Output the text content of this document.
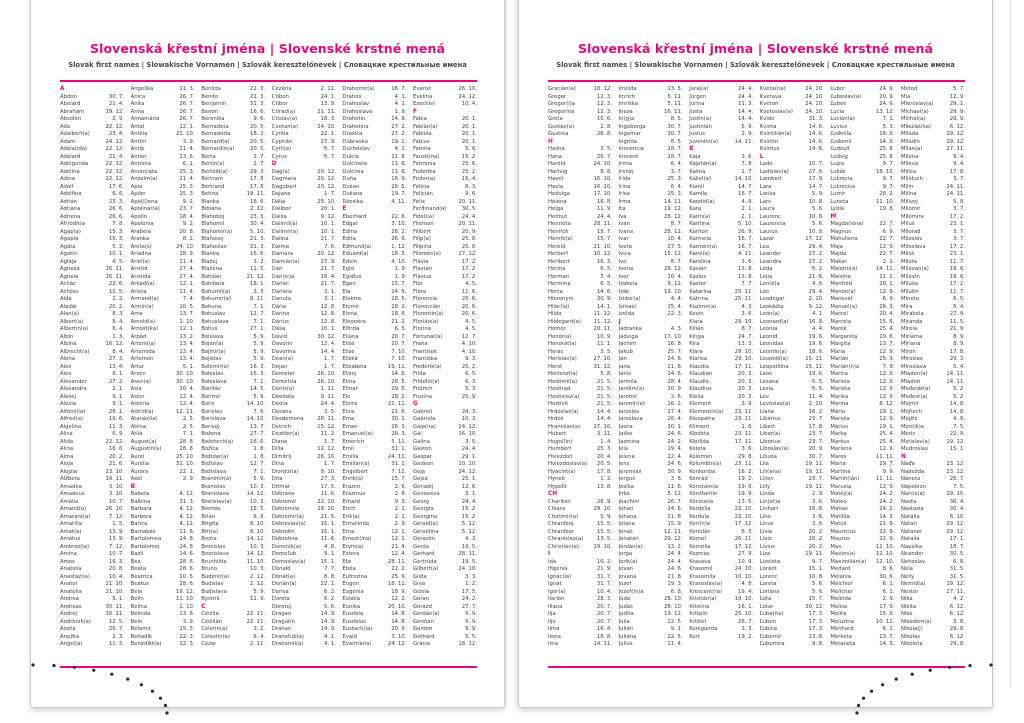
Slovenská křestní jména | Slovenské krstné mená
Slovak first names | Slowakische Vornamen | Szlovák keresztelőnevek | Словацкие крестильные имена
A
Abdon	30. 7.
Abelard	21. 4.
Abrahám	19. 12.
Absolón	2. 9.
Ada	22. 12.
Adalbert(a)	23. 4.
Adam	24. 12.
Adela(ida)	22. 12.
Adelard	21. 4.
Adelgunda	22. 12.
Adelína	22. 12.
Adina	22. 12.
Adolf	17. 6.
Adolfína	6. 6.
Adrián	23. 3.
Adriána	26. 6.
Adriena	26. 6.
Afr(odít)a	7. 8.
Agap(a)	15. 3.
Agapia	15. 3.
Agáta	5. 2.
Agatín	10. 1.
Aglája	4. 5.
Agnesa	16. 11.
Agnela	16. 11.
Achác	22. 6.
Achiles	12. 5.
Aida	2. 2.
Aladár	20. 2.
Alan(a)	8. 3.
Albert(a)	8. 4.
Albertín(a)	8. 4.
Albín	1. 3.
Albína	16. 12.
Albrecht(a)	8. 4.
Alena	27. 3.
Aleš	13. 4.
Alex	9. 1.
Alexander	27. 2.
Alexandra	2. 1.
Alexej	9. 1.
Alexia	9. 1.
Alfonz(ia)	28. 1.
Alfréd(a)	19. 6.
Algelína	11. 3.
Alica	6. 9.
Alida	22. 12.
Alina	16. 6.
Alma	20. 2.
Aloja	21. 6.
Alojzia	23. 10.
Alžbeta	19. 11.
Amadea	3. 10.
Amadeus	3. 10.
Amália	10. 7.
Amand(a)	26. 10.
Amarant(a)	7. 12.
Amarília	1. 5.
Amát(a)	13. 9.
Amátus	13. 9.
Ambróz(ia)	7. 12.
Amína	10. 7.
Amos	16. 3.
Anabela	20. 8.
Anastáz(ia)	10. 4.
Anatol	21. 10.
Anatólia	21. 10.
Andrea	5. 1.
Andreas	30. 11.
Andrej	30. 11.
Androník(a)	12. 5.
Aneta	26. 7.
Anežka	2. 3.
Angel(a)	11. 3.
Angelika	11. 3.
Anica	26. 7.
Anita	26. 7.
Anna	26. 7.
Annamária	26. 7.
Antal	12. 1.
Antília	21. 10.
Antím	3. 9.
Antip	11. 4.
Anton	13. 6.
Antónia	6. 1.
Anunciáta	25. 3.
Anzelm(a)	21. 4.
Apia	25. 3.
Apián	25. 3.
Apol(l)ena	9. 2.
Apolinár(a)	23. 7.
Apolín	18. 4.
Apolónia	9. 2.
Arabela	20. 8.
Aranka	8. 2.
Areta(s)	24. 10.
Ariadna	18. 9.
Ariel(a)	11. 4.
Aristid	27. 4.
Aristída	27. 4.
Arkád(ia)	12. 1.
Arleta	11. 4.
Armand(a)	7. 4.
Armín(a)	10. 5.
Arne	13. 7.
Arnold(a)	1. 10.
Arnošt(ka)	12. 1.
Arpád	13. 2.
Artem(ia)	13. 4.
Artemida	13. 4.
Artemon	13. 4.
Artur	5. 1.
Arzen	30. 10.
Asen(a)	30. 10.
Asia	30. 4.
Aster	12. 4.
Astéria	12. 4.
Astrid(a)	12. 11.
Atanáz(ia)	2. 5.
Aténa	2. 5.
Atila	7. 1.
August(a)	28. 8.
Augustín(a)	28. 8.
Aurel	25. 10.
Aurélia	31. 10.
Aurora	22. 1.
Axel	2. 9.
B
Babeta	4. 12.
Balbína	31. 3.
Barbara	4. 12.
Barbora	4. 12.
Barica	4. 12.
Barnabáš	11. 6.
Bartolomea	24. 8.
Bartolomej	24. 8.
Bazil	14. 6.
Bea	28. 6.
Beáta	28. 6.
Beatrica	10. 5.
Beátus	28. 6.
Bela	16. 12.
Belín	11. 10.
Belína	1. 10.
Belinda	13. 8.
Belo	3. 9.
Belomír	15. 3.
Beňadik	22. 3.
Benedikt(a)	22. 3.
Benilda	22. 3.
Benito	22. 3.
Benjamín	31. 3.
Benon	16. 6.
Berenika	9. 6.
Bernadeta	20. 5.
Bernadetta	18. 2.
Bernard(a)	20. 5.
Bernardín(a)	20. 5.
Berta	2. 7.
Bertín(a)	2. 7.
Bertold(a)	29. 3.
Bertram	17. 8.
Bertrand	17. 8.
Betina	19. 11.
Bianka	16. 6.
Bibiána	2. 12.
Blahoboj	23. 3.
Blahomil	30. 4.
Blahomír(a)	5. 10.
Blahosej	21. 3.
Blahoslav	21. 3.
Blanka	16. 6.
Blažej	3. 2.
Blažena	11. 5.
Bohdan	21. 12.
Bohdana	18. 1.
Bohumil(a)	3. 3.
Bohumír(a)	8. 11.
Bohuna	7. 1.
Bohuslav	12. 7.
Bohuslava	7. 1.
Bohuš	27. 1.
Boislava	5. 9.
Bojan(a)	5. 9.
Bojmír(a)	5. 9.
Bojislav	5. 9.
Bolemír(a)	16. 3.
Boleslav	16. 3.
Boleslava	7. 1.
Bonifác	14. 5.
Borimír	5. 9.
Boris	14. 10.
Borislav	7. 6.
Borislava	14. 10.
Borivoj	13. 7.
Božena	27. 7.
Božetech(a)	16. 6.
Božica	1. 8.
Božidar(a)	1. 8.
Božislav	12. 7.
Božislava	7. 1.
Branimír(a)	5. 9.
Branislav	10. 3.
Branislava	14. 12.
Bratislav(a)	10. 3.
Brenda	15. 5.
Brian	6. 9.
Brigita	8. 10.
Brit(a)	8. 10.
Broňa	14. 12.
Bronislav	10. 3.
Bronislava	14. 12.
Brunhilda	11. 10.
Bruno	10. 3.
Budimír(a)	2. 12.
Budislav	2. 12.
Budislava	5. 9.
Bystrík	11. 9.
C
Cecília	22. 11.
Cecilián	22. 11.
Celerín(a)	3. 2.
Celestín(a)	6. 4.
Cézar	2. 11.
Cezária	2. 11.
Ctiboh	24. 1.
Ctibor	13. 9.
Ctirad(a)	21. 11.
Ctislav(a)	18. 3.
Cvetan(a)	24. 10.
Cyntia	22. 1.
Cyprián	27. 9.
Cyril(a)	5. 7.
Cyrus	5. 7.
D
Dag(a)	20. 12.
Dagmara	20. 12.
Dagobert	20. 12.
Dajana	1. 7.
Dália	25. 10.
Dalibor	20. 1.
Dalila	9. 12.
Dalimil(a)	10. 1.
Dalimír(a)	10. 1.
Dalina	21. 7.
Dalma	7. 6.
Damara	20. 12.
Damián(a)	27. 9.
Dan	21. 7.
Dan(ic)a	16. 4.
Daniel	21. 7.
Daniela	3. 1.
Danuta	3. 1.
Dária	12. 8.
Darina	12. 8.
Dárius	12. 8.
Dáša	10. 1.
Dávid	30. 12.
Davorín	12. 4.
Davorína	14. 4.
Dean(a)	1. 7.
Dejan	1. 7.
Demeter	26. 10.
Demetria	26. 10.
Denis(a)	1. 11.
Deodata	9. 11.
Deora	24. 4.
Desana	3. 5.
Desdemona	28. 11.
Detrich	15. 12.
Dezider(a)	11. 2.
Diana	1. 7.
Dília	12. 12.
Dimitrij	26. 10.
Dina	1. 7.
Dionýz(ia)	9. 10.
Dita	27. 3.
Ditmar	17. 5.
Dobrava	11. 6.
Dobromil	22. 10.
Dobromila	28. 10.
Dobromír(a)	21. 5.
Dobroslav(a)	15. 1.
Dobrotín	15. 1.
Dobrotína	11. 6.
Dominik(a)	4. 8.
Domoľub	9. 1.
Domoslav(a)	15. 1.
Donald	7. 7.
Donát(a)	8. 8.
Dorián(a)	22. 1.
Dorisa	6. 2.
Dorota	6. 2.
Dorotej	5. 6.
Dragan	14. 9.
Dragutín	14. 9.
Drahan	14. 9.
Drahoľub(a)	4. 1.
Drahomil(a)	4. 1.
Drahomír(a)	16. 7.
Drahoš	4. 1.
Drahoslav	4. 1.
Drahoslava	1. 9.
Drahotín	14. 9.
Drahotína	27. 2.
Dražica	27. 2.
Dúbravka	19. 1.
Duchoslav	4. 1.
Dulcia	11. 8.
Dulcinela	11. 8.
Dulcínia	11. 8.
Duňa	16. 9.
Dušan	26. 5.
Dušana	19. 7.
Džesika	4. 11.
E
Eberhard	22. 6.
Edgar	3. 10.
Edina	26. 2.
Edita	26. 9.
Edmund(a)	1. 12.
Eduard(a)	18. 3.
Edvin	4. 10.
Egid	1. 9.
Egídius	1. 9.
Egon	15. 7.
Ela	24. 5.
Elektra	28. 5.
Elemír	28. 2.
Elena	18. 8.
Eleonóra	21. 2.
Elfrída	6. 5.
Eliána	20. 7.
Eliáš	20. 7.
Elise	7. 10.
Eliška	7. 10.
Elizabeta	19. 11.
Elizej	14. 6.
Elma	28. 5.
Elmar	29. 5.
Elo	28. 2.
Elvíra	21. 11.
Elvis	21. 6.
Ema	30. 1.
Eman	26. 3.
Emanuel(a)	26. 3.
Emerich	5. 11.
Emil	31. 1.
Emília	24. 11.
Emilián(a)	31. 1.
Engelbert	7. 11.
Enrik(a)	15. 7.
Erazim	2. 6.
Erazmus	2. 6.
Erhard	9. 3.
Erich	2. 2.
Erik(a)	2. 2.
Ermelinda	2. 9.
Erna	12. 1.
Ernest(ína)	12. 1.
Ervín(a)	21. 4.
Estera	12. 4.
Eta	28. 11.
Etela	22. 2.
Eufrozína	25. 9.
Eugen	18. 11.
Eugénia	18. 9.
Eulália	12. 2.
Eunika	20. 10.
Eusébia	14. 8.
Eusébius	14. 8.
Eustach(ia)	20. 9.
Evald	3. 10.
Eva(mária)	24. 12.
Evarist	26. 10.
Evelína	24. 12.
Ezechiel	10. 4.
F
Fábia	20. 1.
Fabián(a)	20. 1.
Fabiola	20. 1.
Fábius	20. 1.
Fatima	5. 6.
Faust(ína)	15. 2.
Febrónia	25. 6.
Federika	25. 2.
Fedor(a)	15. 4.
Felícia	6. 3.
Felicián	9. 6.
Félix	20. 11.
Ferdinand(a)	30. 5.
Fidel(ia)	24. 4.
Filemon	20. 11.
Filibert	20. 9.
Filip(a)	25. 8.
Filipína	25. 8.
Filomén(a)	27. 12.
Flávia	17. 2.
Flavián	17. 2.
Flávius	17. 2.
Flór	4. 5.
Flóra	11. 6.
Florencia	20. 6.
Florencián	20. 6.
Florentín(a)	20. 6.
Florián(a)	4. 5.
Florína	4. 5.
Fortunát(a)	12. 7.
Fraňa	4. 10.
František	4. 10.
Františka	9. 3.
Frederik(a)	25. 2.
Frída	6. 5.
Fridolín(a)	6. 3.
Fridrich	5. 3.
Fruzína	25. 9.
G
Gabriel	24. 3.
Gabriela	10. 3.
Gaja(na)	24. 12.
Gál	16. 10.
Galína	3. 5.
Gaston	24. 4.
Gašpar	29. 1.
Gedeon	10. 10.
Geja	24. 12.
Gejza	25. 1.
Genadij	12. 6.
Genovéva	3. 1.
Georg	24. 4.
Georgia	15. 2.
Georgína	15. 2.
Gerald(a)	5. 12.
Geraldína	5. 12.
Gerazim	4. 3.
Gerda	19. 5.
Gerhard	28. 11.
Gertrúda	19. 5.
Gilbert(a)	24. 10.
Gilda	3. 3.
Gina	1. 2.
Gizela	17. 5.
Goran	24. 2.
Gorazd	27. 7.
Gordan(a)	9. 9.
Gordián	9. 9.
Gordon	9. 9.
Gothard	5. 5.
Grácia	18. 12.
Slovenská křestní jména | Slovenské krstné mená
Slovak first names | Slowakische Vornamen | Szlovák keresztelőnevek | Словацкие крестильные имена
Gracián(a)	18. 12.
Gregor	12. 3.
Gregor(i)a	12. 3.
Gregorína	12. 3.
Gréta	10. 6.
Gustáv(a)	2. 8.
Gustína	26. 8.
H
Halina	3. 5.
Hana	26. 7.
Harold	24. 10.
Hartvig	8. 8.
Havel	16. 10.
Havla	16. 10.
Hedviga	17. 10.
Helena	18. 8.
Helga	11. 9.
Helmut	24. 4.
Henrieta	28. 11.
Henrich	15. 7.
Henrik(a)	15. 7.
Herold	21. 10.
Herbert	10. 12.
Heribert	16. 3.
Herina	6. 5.
Herman	7. 4.
Hermína	6. 5.
Herta	14. 6.
Hieronym	30. 9.
Hilár(ia)	14. 1.
Hilda	11. 12.
Hildegard(a)	11. 12.
Homér	20. 11.
Honór(a)	10. 9.
Honorát(a)	11. 1.
Horác	3. 5.
Horislav(a)	27. 10.
Horst	31. 12.
Hortenz(ia)	5. 8.
Hostimil(a)	21. 5.
Hostirad	21. 5.
Hostislav(a)	21. 5.
Hostivít	21. 5.
Hrdoslav(a)	14. 4.
Hrdoš	14. 4.
Hranislav(a)	27. 10.
Hubert	3. 11.
Hugo(lín)	1. 4.
Humbert	25. 3.
Hviezdoň	20. 4.
Hviezdoslav(a)	20. 5.
Hyacint(a)	17. 8.
Hynek	1. 2.
Hypolit	13. 8.
CH
Chariton	28. 9.
Chiara	29. 10.
Chotimír(a)	5. 9.
Chraniboj	13. 5.
Chranibor	13. 5.
Chranislav(a)	13. 5.
Christián(a)	19. 10.
I
Ida	16. 2.
Ifigénia	21. 9.
Ignác(ia)	31. 7.
Ignát	31. 7.
Igor(a)	10. 4.
Ilarion	28. 3.
Iliana	20. 7.
Ilja	20. 7.
Ilje	20. 7.
Ilma	16. 4.
Ilona	18. 8.
Ima	14. 11.
Imelda	13. 5.
Imrich	5. 11.
Imriška	5. 11.
Ineza	16. 11.
In(g)a	8. 5.
Ingeborga	30. 7.
Ingemar	30. 7.
Ingrida	8. 5.
Inocencia	28. 7.
Inocent	28. 7.
Irena	6. 4.
Irenej	3. 7.
Irída	25. 3.
Irina	6. 4.
Irisa	25. 3.
Irma	14. 11.
Ita	19. 12.
Iva	28. 12.
Ivan	8. 7.
Ivana	28. 12.
Ivar	10. 4.
Iveta	27. 5.
Ivica	15. 12.
Ivo	8. 7.
Ivona	28. 12.
Ivor	10. 4.
Izabela	9. 12.
Izák	19. 10.
Izidor(a)	4. 4.
Izmael	25. 4.
Izolda	22. 3.
J
Jadranka	4. 3.
Jadviga	17. 10.
Jáchim	16. 8.
Jakub	25. 7.
Ján	24. 6.
Jana	21. 8.
Janis	24. 6.
Jarmila	28. 4.
Jarolím(a)	30. 9.
Jaromil	2. 6.
Jaromír(a)	16. 2.
Jaroslav	27. 4.
Jaroslava	26. 4.
Jasna	30. 1.
Jaško	24. 6.
Jazmína	24. 2.
Jela	19. 4.
Jelena	22. 4.
Jens	24. 6.
Jeremiáš	30. 9.
Jerguš	3. 8.
Jesika	11. 6.
Jirko	5. 12.
Joachim	26. 7.
Johan	24. 6.
Johana	21. 8.
Jolana	15. 9.
Jonáš	12. 11.
Jonatán	29. 12.
Jordán(a)	13. 2.
Jorga	24. 4.
Jorik(a)	24. 4.
Jovan	24. 6.
Jovana	21. 8.
Jozef	19. 3.
Jozef(ín)a	6. 8.
Júda	28. 10.
Judáš	28. 10.
Judita	19. 12.
Júlia	22. 5.
Julián	9. 1.
Juliána	22. 5.
Július	11. 4.
Juraj(a)	24. 4.
Jürgen	24. 4.
Jurina	11. 3.
Justa	14. 4.
Justín(a)	14. 4.
Justinián	5. 9.
Justus	2. 9.
Juventín(a)	14. 11.
K
Kaja	3. 6.
Kajetán(a)	7. 8.
Kalina	1. 7.
Kalist(a)	14. 10.
Kamil	14. 7.
Kamila	18. 7.
Kandid(a)	4. 9.
Kara	2. 1.
Karin(a)	2. 1.
Karitína	5. 10.
Kariton	26. 9.
Karmela	16. 7.
Karmen(a)	16. 7.
Karol(a)	4. 11.
Karolína	3. 6.
Kasián	13. 8.
Kasius	13. 8.
Kastor	7. 7.
Katarína	25. 11.
Katrina	25. 11.
Kazimír(a)	4. 3.
Kevin	3. 6.
Kiara	29. 10.
Kilián	8. 7.
Kinga	24. 7.
Kira	13. 3.
Klára	29. 10.
Klarisa	29. 10.
Klaudia	17. 11.
Klaudián	20. 3.
Klaudio	20. 3.
Klaudius	20. 3.
Klélia	20. 3.
Klement	3. 9.
Klementín(a)	23. 11.
Kleopatra	23. 11.
Kliment	1. 8.
Klodeta	23. 11.
Klotilda	17. 11.
Koleta	3. 6.
Koloman	29. 8.
Kolumbín(a)	23. 11.
Konkordia	16. 2.
Konrád	19. 2.
Konstancia	19. 9.
Konštantín	19. 9.
Konzuela	13. 5.
Kordelia	22. 10.
Kordula	22. 10.
Kor(in)a	17. 12.
Koriolán	6. 3.
Kornel	26. 11.
Kornélia	17. 12.
Kozmas	27. 9.
Krasava	10. 9.
Krasomil	24. 10.
Krasomila	10. 10.
Krasoslav(a)	4. 8.
Krescenc(ia)	19. 4.
Kristián(a)	19. 10.
Kristína	16. 1.
Krišpín	25. 10.
Krištof	28. 7.
Kunigunda	3. 3.
Kurt	19. 2.
Kveta(na)	24. 10.
Kvetava	24. 10.
Kvetoň	24. 10.
Kvetoslav(a)	24. 10.
Kvído	31. 3.
Kvinta	14. 6.
Kvintilián(a)	14. 6.
Kvintín	14. 6.
Kvintus	14. 6.
L
Lado	10. 7.
Ladislav(a)	27. 6.
Lambert	17. 9.
Lara	14. 7.
Larisa	5. 9.
Lars	10. 8.
Laura	5. 6.
Laurenc	10. 8.
Laurencia	5. 6.
Laurus	10. 8.
Lazár	17. 12.
Lea	29. 4.
Leander	27. 2.
Leandra	27. 2.
Leda	5. 2.
Lejla	21. 6.
Len(k)a	4. 6.
Leo	29. 4.
Leodegar	2. 10.
Leokádia	9. 12.
León(a)	4. 1.
Leonard(a)	16. 8.
Leónia	4. 4.
Leonid	19. 6.
Leonidas	19. 6.
Leontín(a)	18. 6.
Leopold(a)	15. 11.
Leopoldína	15. 11.
Leoš	19. 6.
Lesana	5. 5.
Lesia	5. 5.
Lev	11. 4.
Levoslav(a)	2. 10.
Liana	16. 2.
Libérius	23. 7.
Libert	17. 8.
Libor(a)	23. 7.
Libórius	23. 7.
Liboslav(a)	20. 9.
Libuša	30. 7.
Lila	19. 11.
Lili(ana)	19. 11.
Lilien	23. 7.
Lilly	19. 11.
Linda	2. 9.
Lin(et)a	3. 6.
Linhart	16. 8.
Líno	3. 6.
Línus	3. 6.
Lívia	20. 2.
Lívio	20. 2.
Lívius	20. 2.
Liza	19. 11.
Lizelota	9. 7.
Loránt	15. 1.
Lorenc	10. 8.
Loreta	5. 6.
Loriána	5. 6.
Lota	15. 7.
Lotar	30. 12.
Ľuba(ňa)	17. 3.
Ľuben	17. 3.
Ľubica	17. 3.
Ľubomír	13. 8.
Ľubomíra	9. 8.
Ľubor	24. 9.
Ľuboslav(a)	20. 9.
Ľuboš	24. 9.
Lucia	13. 12.
Lucián(a)	7. 1.
Lucius	5. 3.
Ľudmila	16. 9.
Ľudomil	14. 9.
Ľudovít	25. 8.
Ludvig	25. 8.
Lujza	9. 7.
Lukáš	18. 10.
Lukrécia	9. 7.
Lukrécius	9. 7.
Lumír	28. 2.
Luneta	11. 10.
Lýdia	19. 8.
M
Magda(léna)	22. 7.
Magnus	6. 9.
Mahuliena	22. 7.
Maja	12. 9.
Majda	22. 7.
Makar	2. 1.
Malotín(a)	14. 11.
Malvína	11. 1.
Manfréd	28. 1.
Manon(a)	12. 9.
Mansvét	6. 9.
Manuel(a)	26. 3.
Marcel	20. 4.
Marcela	15. 8.
Marek	25. 4.
Margaréta	10. 6.
Margita	13. 7.
Mária	12. 9.
Marián	25. 3.
Marián(n)a	7. 9.
Marica	12. 9.
Mariela	12. 9.
Marieta	12. 9.
Marika	12. 9.
Marína	8. 12.
Mário	19. 1.
Mariola	12. 9.
Márius	19. 1.
Marka	25. 4.
Markus	25. 4.
Marlena	12. 9.
Maroš	11. 11.
Marta	29. 7.
Martina	9. 9.
Martin(ián)	11. 11.
Marusia	12. 9.
Matej(a)	24. 2.
Mateo	24. 2.
Matias	24. 2.
Matilda	14. 3.
Matúš	21. 9.
Mauricius	22. 9.
Maurus	22. 9.
Max	12. 10.
Maxim(a)	12. 10.
Maximilián(a)	12. 10.
Medard	8. 6.
Melánia	30. 6.
Melchior	6. 1.
Melichar	6. 1.
Melinda	2. 9.
Melisa	17. 9.
Melita	15. 9.
Meluzína	10. 11.
Menhard	6. 1.
Merkéta	13. 7.
Metaneta	14. 3.
Metod	5. 7.
Mia	12. 9.
Mieroslav(a)	29. 1.
Michael(a)	29. 9.
Michal(a)	29. 9.
Mikuláš(ka)	6. 12.
Milada	29. 12.
Miladin	29. 12.
Milan(a)	27. 11.
Milena	9. 4.
Mileva	9. 4.
Milica	17. 8.
Miliduch	3. 7.
Milín	24. 11.
Milína	24. 11.
Milivoj	5. 8.
Milomír	3. 7.
Milomíra	17. 2.
Miluš	23. 1.
Milorad	3. 7.
Miloslav	3. 7.
Miloslava	17. 2.
Miloš	23. 1.
Milota	11. 7.
Milovan(a)	18. 6.
Milovín	18. 6.
Miluša	17. 2.
Milutín	11. 7.
Mineta	6. 5.
Mira	5. 4.
Mirabela	27. 9.
Miranda	11. 5.
Mirela	21. 9.
Miriama	8. 9.
Miriana	8. 9.
Mirón	17. 8.
Miroslav	29. 3.
Miroslava	5. 4.
Mladen(a)	14. 11.
Mladoň	14. 11.
Moderát(a)	5. 2.
Modest(a)	5. 2.
Mojmír	14. 8.
Mojtech	14. 8.
Mojžiš	4. 9.
Mon(ik)a	7. 5.
Móric	22. 9.
Mstislav(a)	19. 12.
Mudroslav	15. 1.
N
Naďa	23. 12.
Nadežda	23. 12.
Naneta	26. 7.
Napoleon	7. 5.
Narcis(a)	29. 10.
Nasťa	30. 4.
Nastasia	30. 4.
Natália	6. 10.
Natan	29. 12.
Natanel	29. 12.
Nataša	17. 1.
Nausika	18. 7.
Neander	30. 5.
Nehoslav	6. 8.
Nela	31. 5.
Nelly	31. 5.
Nemid(a)	19. 12.
Nestor	27. 11.
Nika	4. 2.
Nikita	6. 12.
Niko	6. 12.
Nikodém(a)	3. 8.
Nikola(j)	29. 8.
Nikolas	6. 12.
Nikoleta	29. 8.
